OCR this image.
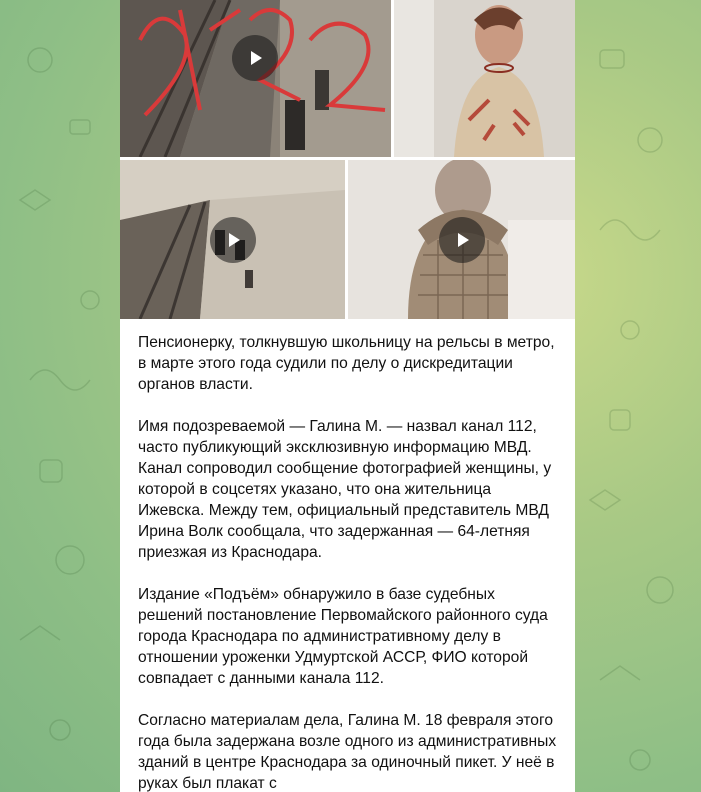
Пенсионерку, толкнувшую школьницу на рельсы в метро, в марте этого года судили по делу о дискредитации органов власти.

Имя подозреваемой — Галина М. — назвал канал 112, часто публикующий эксклюзивную информацию МВД. Канал сопроводил сообщение фотографией женщины, у которой в соцсетях указано, что она жительница Ижевска. Между тем, официальный представитель МВД Ирина Волк сообщала, что задержанная — 64-летняя приезжая из Краснодара.

Издание «Подъём» обнаружило в базе судебных решений постановление Первомайского районного суда города Краснодара по административному делу в отношении уроженки Удмуртской АССР, ФИО которой совпадает с данными канала 112.

Согласно материалам дела, Галина М. 18 февраля этого года была задержана возле одного из административных зданий в центре Краснодара за одиночный пикет. У неё в руках был плакат с
